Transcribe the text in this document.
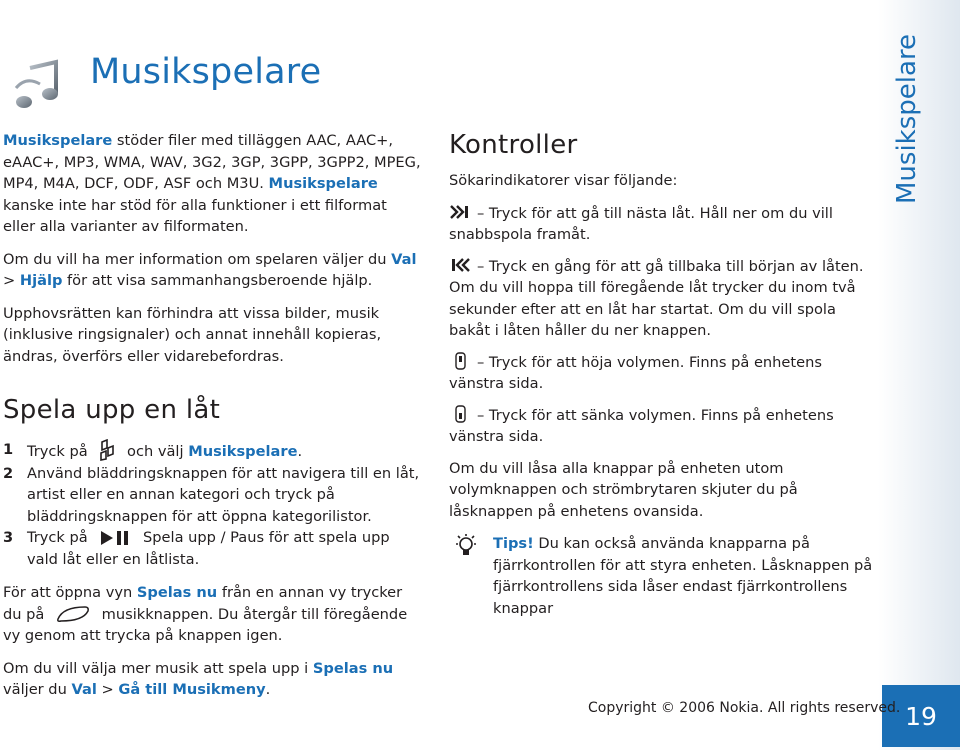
Musikspelare

Musikspelare stöder filer med tilläggen AAC, AAC+, eAAC+, MP3, WMA, WAV, 3G2, 3GP, 3GPP, 3GPP2, MPEG, MP4, M4A, DCF, ODF, ASF och M3U. Musikspelare kanske inte har stöd för alla funktioner i ett filformat eller alla varianter av filformaten.

Om du vill ha mer information om spelaren väljer du Val > Hjälp för att visa sammanhangsberoende hjälp.

Upphovsrätten kan förhindra att vissa bilder, musik (inklusive ringsignaler) och annat innehåll kopieras, ändras, överförs eller vidarebefordras.

Spela upp en låt
1 Tryck på	och välj Musikspelare.
2 Använd bläddringsknappen för att navigera till en låt, artist eller en annan kategori och tryck på bläddringsknappen för att öppna kategorilistor.
3 Tryck på	Spela upp / Paus för att spela upp vald låt eller en låtlista.

För att öppna vyn Spelas nu från en annan vy trycker du på	musikknappen. Du återgår till föregående vy genom att trycka på knappen igen.

Om du vill välja mer musik att spela upp i Spelas nu väljer du Val > Gå till Musikmeny.

Kontroller

Sökarindikatorer visar följande:

– Tryck för att gå till nästa låt. Håll ner om du vill snabbspola framåt.

– Tryck en gång för att gå tillbaka till början av låten. Om du vill hoppa till föregående låt trycker du inom två sekunder efter att en låt har startat. Om du vill spola bakåt i låten håller du ner knappen.

– Tryck för att höja volymen. Finns på enhetens vänstra sida.

– Tryck för att sänka volymen. Finns på enhetens vänstra sida.

Om du vill låsa alla knappar på enheten utom volymknappen och strömbrytaren skjuter du på låsknappen på enhetens ovansida.

Tips! Du kan också använda knapparna på fjärrkontrollen för att styra enheten. Låsknappen på fjärrkontrollens sida låser endast fjärrkontrollens knappar
Musikspelare
19
Copyright © 2006 Nokia. All rights reserved.
